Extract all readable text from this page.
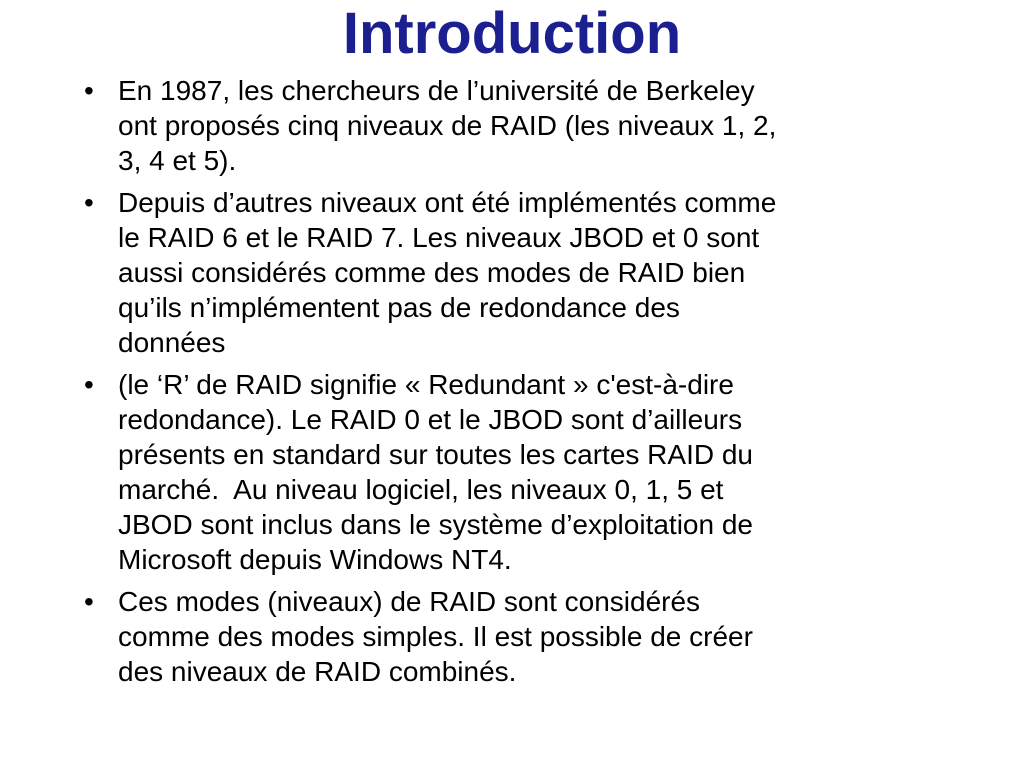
Introduction
• En 1987, les chercheurs de l’université de Berkeley
ont proposés cinq niveaux de RAID (les niveaux 1, 2,
3, 4 et 5).
• Depuis d’autres niveaux ont été implémentés comme
le RAID 6 et le RAID 7. Les niveaux JBOD et 0 sont
aussi considérés comme des modes de RAID bien
qu’ils n’implémentent pas de redondance des
données
• (le ‘R’ de RAID signifie « Redundant » c'est-à-dire
redondance). Le RAID 0 et le JBOD sont d’ailleurs
présents en standard sur toutes les cartes RAID du
marché.  Au niveau logiciel, les niveaux 0, 1, 5 et
JBOD sont inclus dans le système d’exploitation de
Microsoft depuis Windows NT4.
• Ces modes (niveaux) de RAID sont considérés
comme des modes simples. Il est possible de créer
des niveaux de RAID combinés.
